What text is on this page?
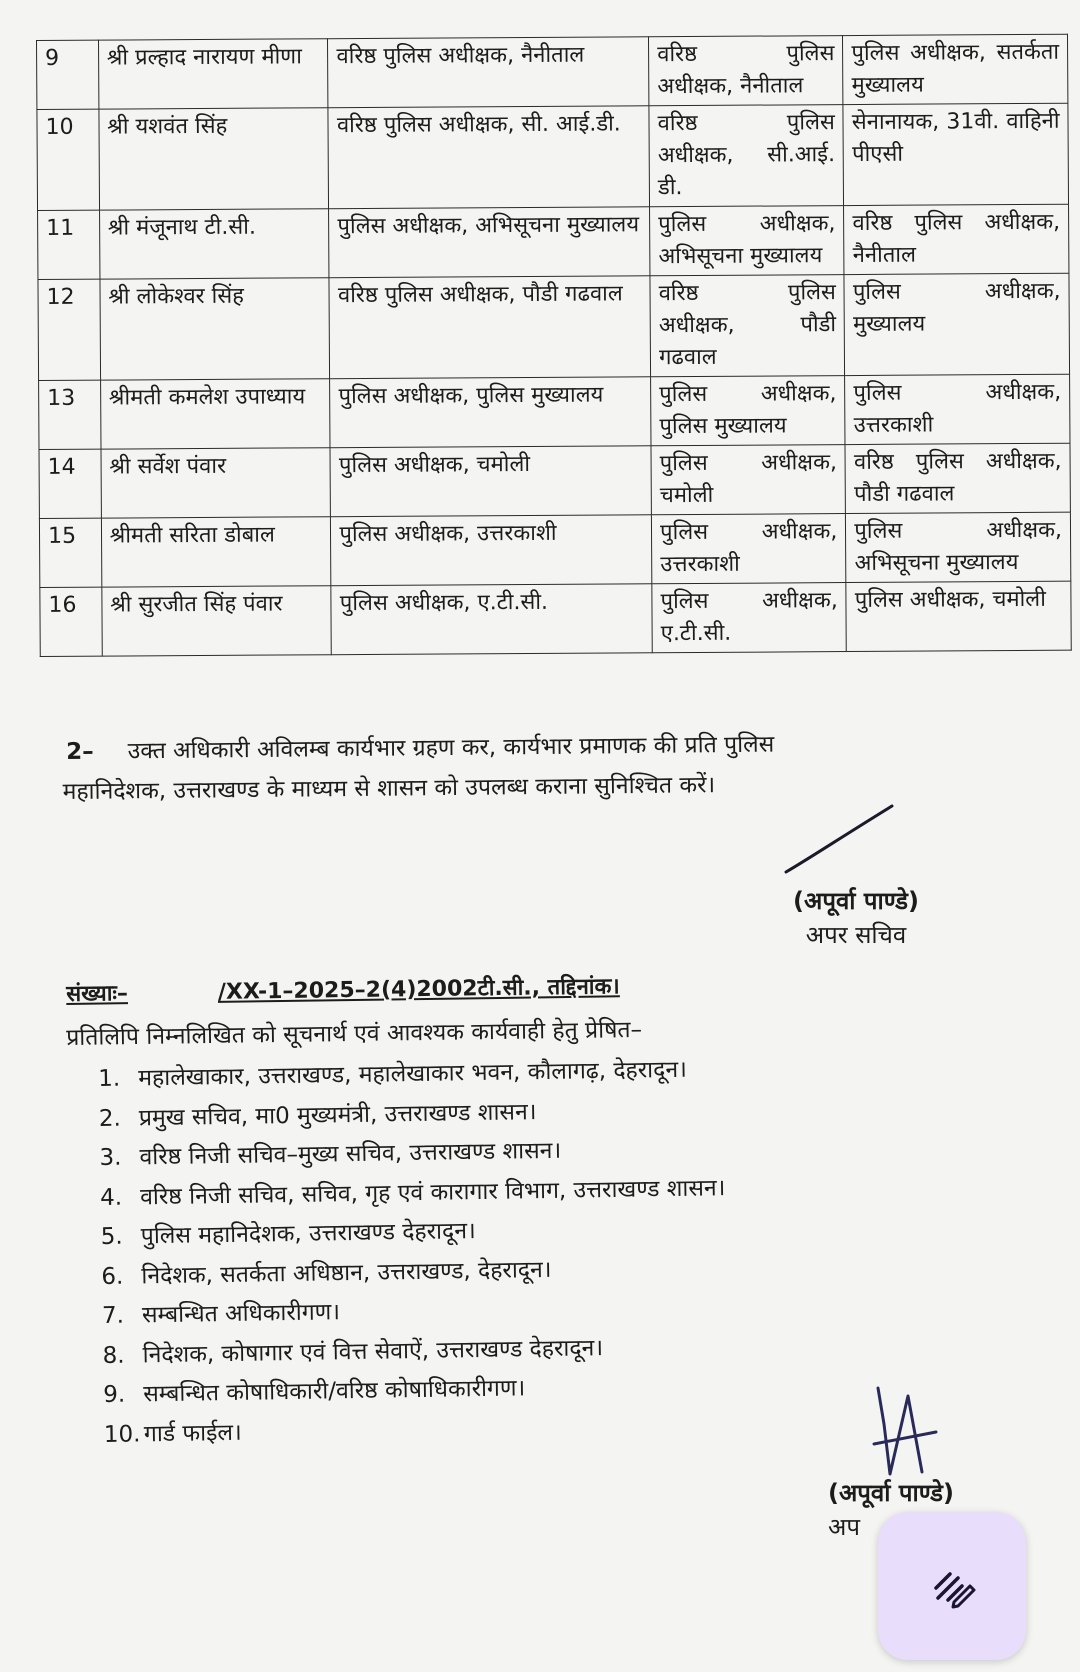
9	श्री प्रल्हाद नारायण मीणा	वरिष्ठ पुलिस अधीक्षक, नैनीताल	वरिष्ठ पुलिस अधीक्षक, नैनीताल	पुलिस अधीक्षक, सतर्कता मुख्यालय
10	श्री यशवंत सिंह	वरिष्ठ पुलिस अधीक्षक, सी. आई.डी.	वरिष्ठ पुलिस अधीक्षक, सी.आई. डी.	सेनानायक, 31वी. वाहिनी पीएसी
11	श्री मंजूनाथ टी.सी.	पुलिस अधीक्षक, अभिसूचना मुख्यालय	पुलिस अधीक्षक, अभिसूचना मुख्यालय	वरिष्ठ पुलिस अधीक्षक, नैनीताल
12	श्री लोकेश्वर सिंह	वरिष्ठ पुलिस अधीक्षक, पौडी गढवाल	वरिष्ठ पुलिस अधीक्षक, पौडी गढवाल	पुलिस अधीक्षक, मुख्यालय
13	श्रीमती कमलेश उपाध्याय	पुलिस अधीक्षक, पुलिस मुख्यालय	पुलिस अधीक्षक, पुलिस मुख्यालय	पुलिस अधीक्षक, उत्तरकाशी
14	श्री सर्वेश पंवार	पुलिस अधीक्षक, चमोली	पुलिस अधीक्षक, चमोली	वरिष्ठ पुलिस अधीक्षक, पौडी गढवाल
15	श्रीमती सरिता डोबाल	पुलिस अधीक्षक, उत्तरकाशी	पुलिस अधीक्षक, उत्तरकाशी	पुलिस अधीक्षक, अभिसूचना मुख्यालय
16	श्री सुरजीत सिंह पंवार	पुलिस अधीक्षक, ए.टी.सी.	पुलिस अधीक्षक, ए.टी.सी.	पुलिस अधीक्षक, चमोली
2– उक्त अधिकारी अविलम्ब कार्यभार ग्रहण कर, कार्यभार प्रमाणक की प्रति पुलिस
महानिदेशक, उत्तराखण्ड के माध्यम से शासन को उपलब्ध कराना सुनिश्चित करें।
(अपूर्वा पाण्डे)
अपर सचिव
संख्याः–	/XX-1–2025–2(4)2002टी.सी., तद्दिनांक।
प्रतिलिपि निम्नलिखित को सूचनार्थ एवं आवश्यक कार्यवाही हेतु प्रेषित–
1. महालेखाकार, उत्तराखण्ड, महालेखाकार भवन, कौलागढ़, देहरादून।
2. प्रमुख सचिव, मा0 मुख्यमंत्री, उत्तराखण्ड शासन।
3. वरिष्ठ निजी सचिव–मुख्य सचिव, उत्तराखण्ड शासन।
4. वरिष्ठ निजी सचिव, सचिव, गृह एवं कारागार विभाग, उत्तराखण्ड शासन।
5. पुलिस महानिदेशक, उत्तराखण्ड देहरादून।
6. निदेशक, सतर्कता अधिष्ठान, उत्तराखण्ड, देहरादून।
7. सम्बन्धित अधिकारीगण।
8. निदेशक, कोषागार एवं वित्त सेवाऐं, उत्तराखण्ड देहरादून।
9. सम्बन्धित कोषाधिकारी/वरिष्ठ कोषाधिकारीगण।
10. गार्ड फाईल।
(अपूर्वा पाण्डे)
अप
